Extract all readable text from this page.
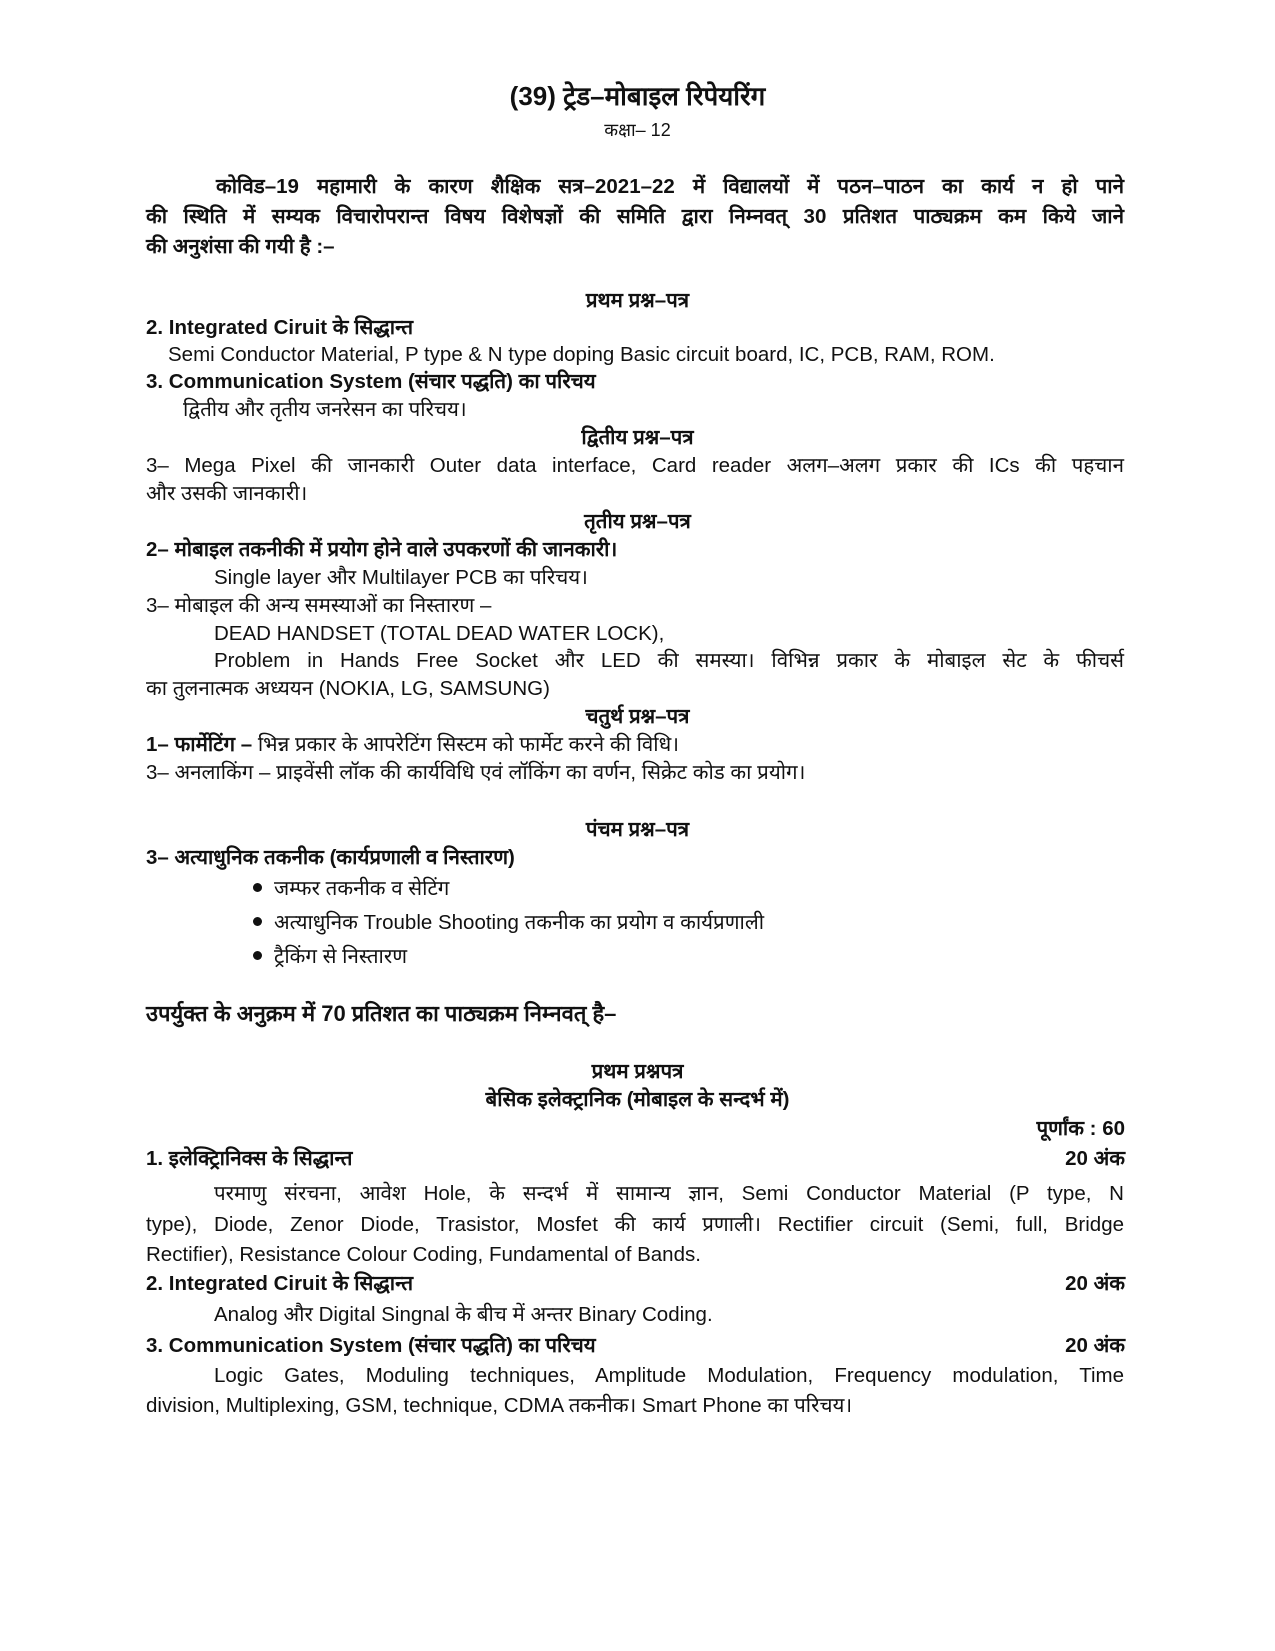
(39) ट्रेड–मोबाइल रिपेयरिंग
कक्षा– 12
कोविड–19 महामारी के कारण शैक्षिक सत्र–2021–22 में विद्यालयों में पठन–पाठन का कार्य न हो पाने
की स्थिति में सम्यक विचारोपरान्त विषय विशेषज्ञों की समिति द्वारा निम्नवत् 30 प्रतिशत पाठ्यक्रम कम किये जाने
की अनुशंसा की गयी है :–
प्रथम प्रश्न–पत्र
2. Integrated Ciruit के सिद्धान्त
Semi Conductor Material, P type & N type doping Basic circuit board, IC, PCB, RAM, ROM.
3. Communication System (संचार पद्धति) का परिचय
द्वितीय और तृतीय जनरेसन का परिचय।
द्वितीय प्रश्न–पत्र
3– Mega Pixel की जानकारी Outer data interface, Card reader अलग–अलग प्रकार की ICs की पहचान
और उसकी जानकारी।
तृतीय प्रश्न–पत्र
2– मोबाइल तकनीकी में प्रयोग होने वाले उपकरणों की जानकारी।
Single layer और Multilayer PCB का परिचय।
3– मोबाइल की अन्य समस्याओं का निस्तारण –
DEAD HANDSET (TOTAL DEAD WATER LOCK),
Problem in Hands Free Socket और LED की समस्या। विभिन्न प्रकार के मोबाइल सेट के फीचर्स
का तुलनात्मक अध्ययन (NOKIA, LG, SAMSUNG)
चतुर्थ प्रश्न–पत्र
1– फार्मेटिंग – भिन्न प्रकार के आपरेटिंग सिस्टम को फार्मेट करने की विधि।
3– अनलाकिंग – प्राइवेंसी लॉक की कार्यविधि एवं लॉकिंग का वर्णन, सिक्रेट कोड का प्रयोग।
पंचम प्रश्न–पत्र
3– अत्याधुनिक तकनीक (कार्यप्रणाली व निस्तारण)
जम्फर तकनीक व सेटिंग
अत्याधुनिक Trouble Shooting तकनीक का प्रयोग व कार्यप्रणाली
ट्रैकिंग से निस्तारण
उपर्युक्त के अनुक्रम में 70 प्रतिशत का पाठ्यक्रम निम्नवत् है–
प्रथम प्रश्नपत्र
बेसिक इलेक्ट्रानिक (मोबाइल के सन्दर्भ में)
पूर्णांक : 60
1. इलेक्ट्रिानिक्स के सिद्धान्त	20 अंक
परमाणु संरचना, आवेश Hole, के सन्दर्भ में सामान्य ज्ञान, Semi Conductor Material (P type, N
type), Diode, Zenor Diode, Trasistor, Mosfet की कार्य प्रणाली। Rectifier circuit (Semi, full, Bridge
Rectifier), Resistance Colour Coding, Fundamental of Bands.
2. Integrated Ciruit के सिद्धान्त	20 अंक
Analog और Digital Singnal के बीच में अन्तर Binary Coding.
3. Communication System (संचार पद्धति) का परिचय	20 अंक
Logic Gates, Moduling techniques, Amplitude Modulation, Frequency modulation, Time
division, Multiplexing, GSM, technique, CDMA तकनीक। Smart Phone का परिचय।
